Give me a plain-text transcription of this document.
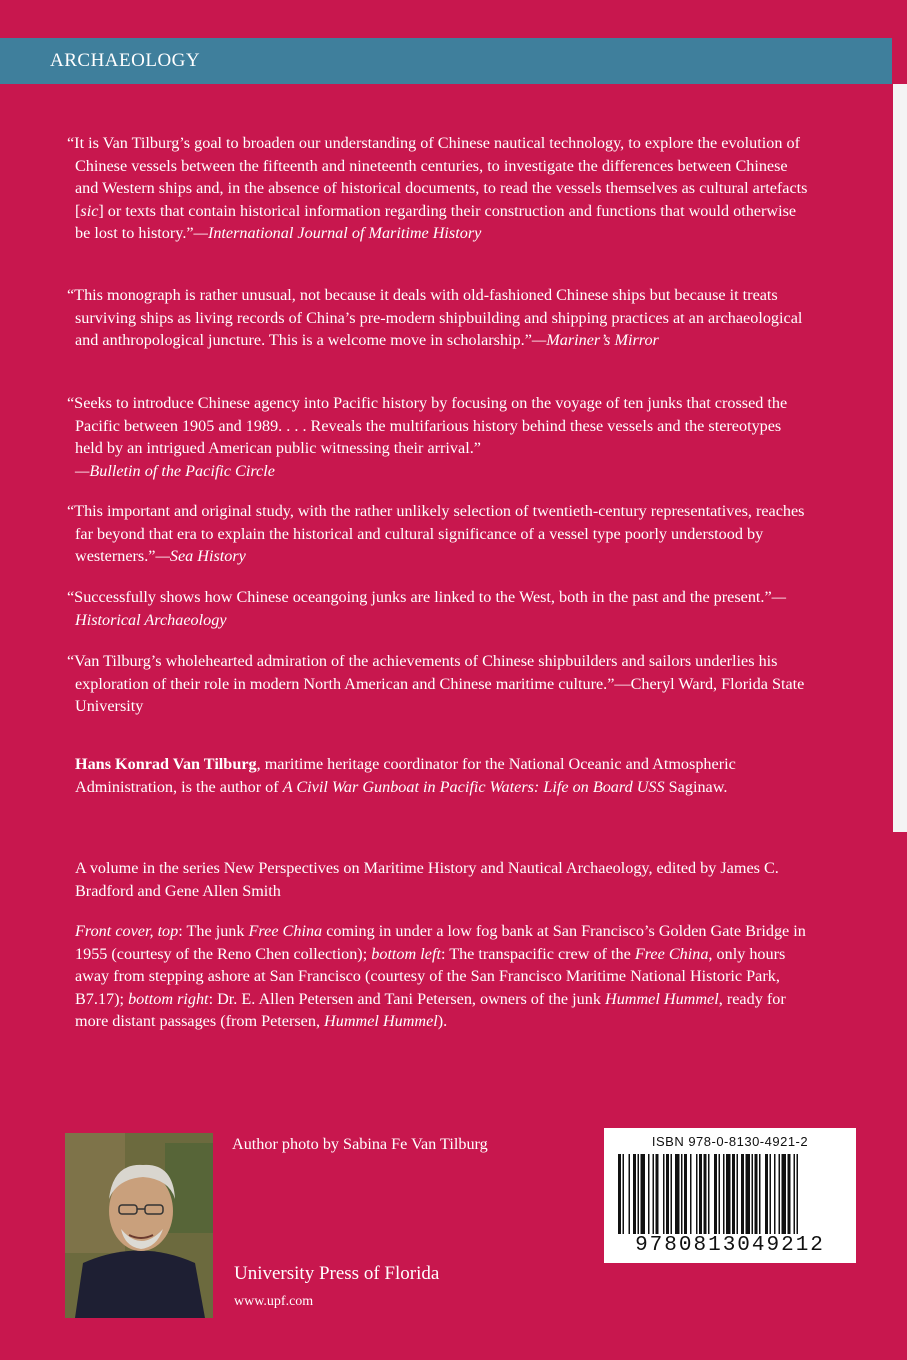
ARCHAEOLOGY
“It is Van Tilburg’s goal to broaden our understanding of Chinese nautical technology, to explore the evolution of Chinese vessels between the fifteenth and nineteenth centuries, to investigate the differences between Chinese and Western ships and, in the absence of historical documents, to read the vessels themselves as cultural artefacts [sic] or texts that contain historical information regarding their construction and functions that would otherwise be lost to history.”—International Journal of Maritime History
“This monograph is rather unusual, not because it deals with old-fashioned Chinese ships but because it treats surviving ships as living records of China’s pre-modern shipbuilding and shipping practices at an archaeological and anthropological juncture. This is a welcome move in scholarship.”—Mariner’s Mirror
“Seeks to introduce Chinese agency into Pacific history by focusing on the voyage of ten junks that crossed the Pacific between 1905 and 1989. . . . Reveals the multifarious history behind these vessels and the stereotypes held by an intrigued American public witnessing their arrival.”
—Bulletin of the Pacific Circle
“This important and original study, with the rather unlikely selection of twentieth-century representatives, reaches far beyond that era to explain the historical and cultural significance of a vessel type poorly understood by westerners.”—Sea History
“Successfully shows how Chinese oceangoing junks are linked to the West, both in the past and the present.”—Historical Archaeology
“Van Tilburg’s wholehearted admiration of the achievements of Chinese shipbuilders and sailors underlies his exploration of their role in modern North American and Chinese maritime culture.”—Cheryl Ward, Florida State University

Hans Konrad Van Tilburg, maritime heritage coordinator for the National Oceanic and Atmospheric Administration, is the author of A Civil War Gunboat in Pacific Waters: Life on Board USS Saginaw.

A volume in the series New Perspectives on Maritime History and Nautical Archaeology, edited by James C. Bradford and Gene Allen Smith

Front cover, top: The junk Free China coming in under a low fog bank at San Francisco’s Golden Gate Bridge in 1955 (courtesy of the Reno Chen collection); bottom left: The transpacific crew of the Free China, only hours away from stepping ashore at San Francisco (courtesy of the San Francisco Maritime National Historic Park, B7.17); bottom right: Dr. E. Allen Petersen and Tani Petersen, owners of the junk Hummel Hummel, ready for more distant passages (from Petersen, Hummel Hummel).

Author photo by Sabina Fe Van Tilburg
University Press of Florida
www.upf.com
ISBN 978-0-8130-4921-2
9780813049212
